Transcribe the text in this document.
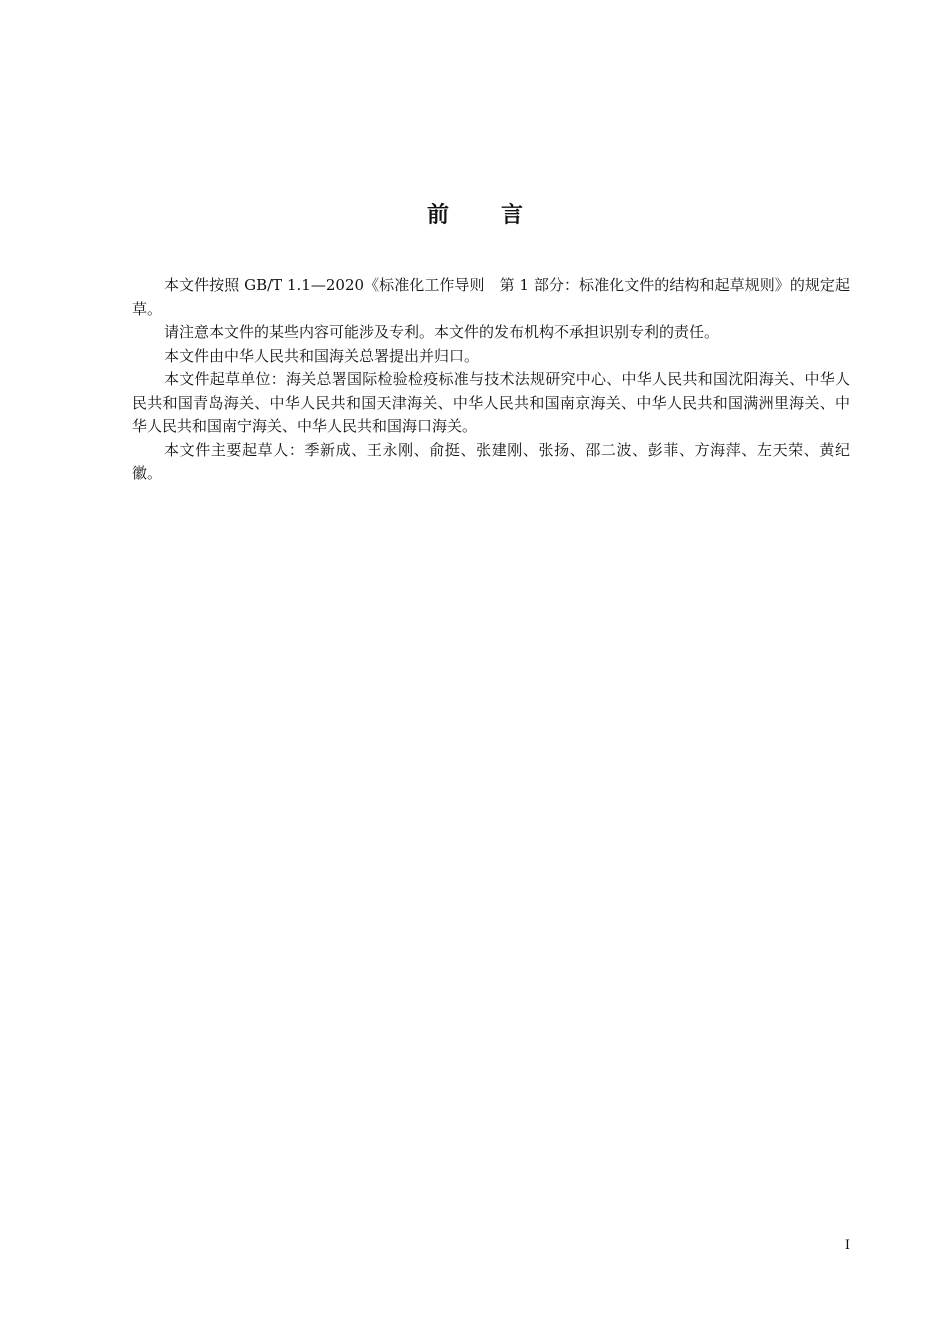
前言

本文件按照 GB/T 1.1—2020《标准化工作导则　第 1 部分：标准化文件的结构和起草规则》的规定起草。

请注意本文件的某些内容可能涉及专利。本文件的发布机构不承担识别专利的责任。

本文件由中华人民共和国海关总署提出并归口。

本文件起草单位：海关总署国际检验检疫标准与技术法规研究中心、中华人民共和国沈阳海关、中华人民共和国青岛海关、中华人民共和国天津海关、中华人民共和国南京海关、中华人民共和国满洲里海关、中华人民共和国南宁海关、中华人民共和国海口海关。

本文件主要起草人：季新成、王永刚、俞挺、张建刚、张扬、邵二波、彭菲、方海萍、左天荣、黄纪徽。

I
